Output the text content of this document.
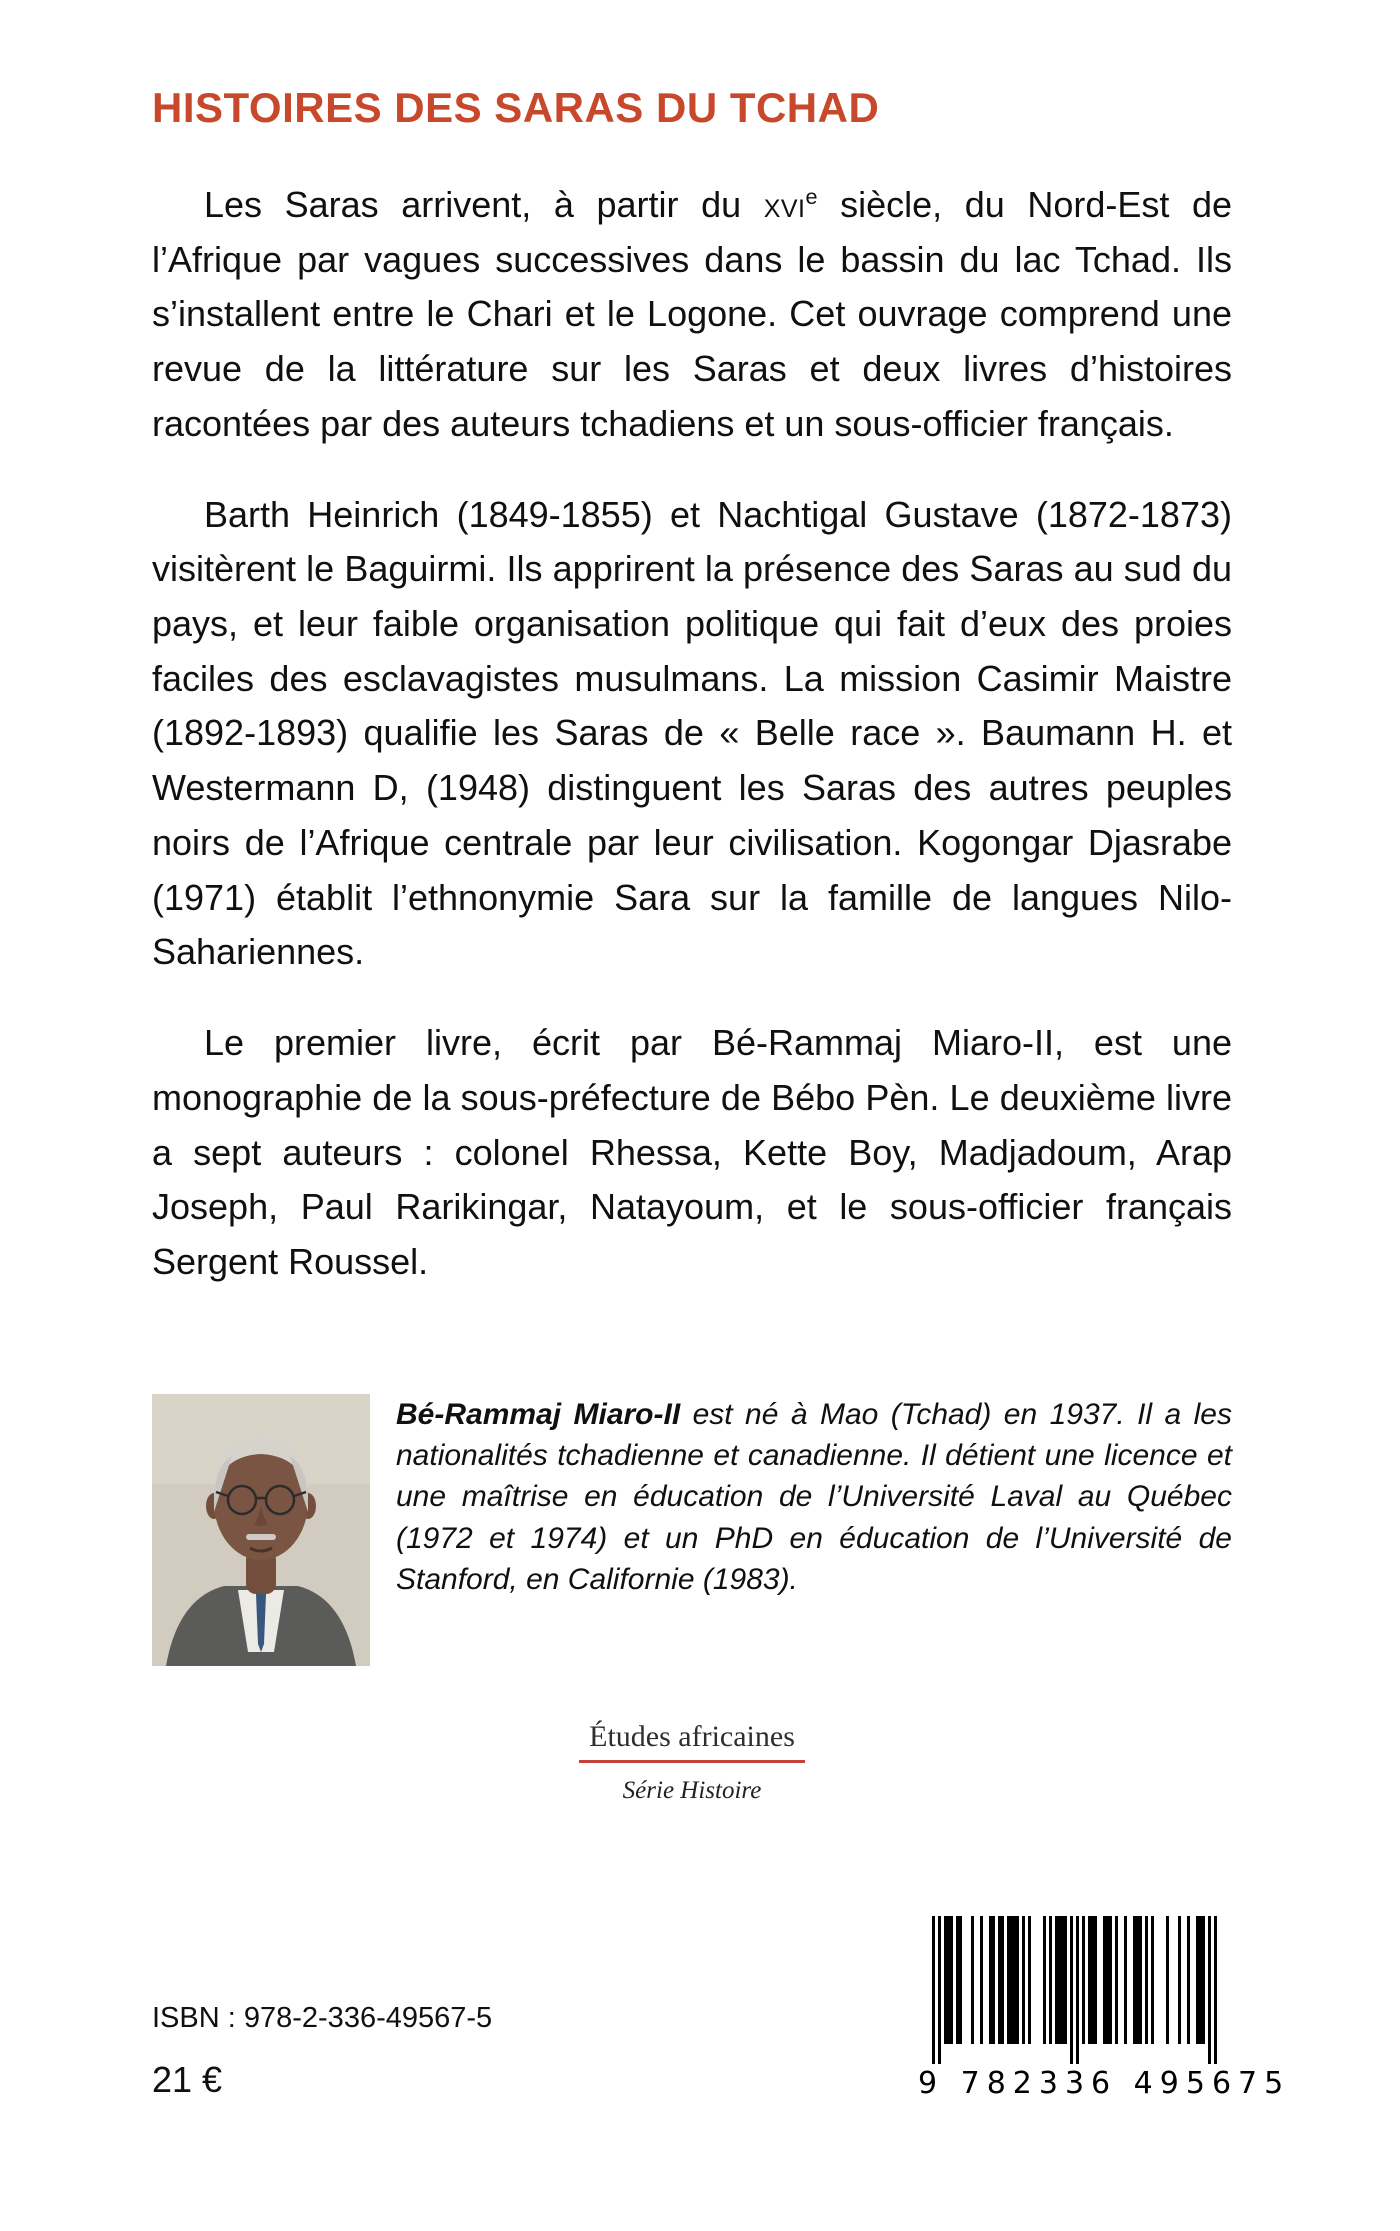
HISTOIRES DES SARAS DU TCHAD

Les Saras arrivent, à partir du xvi$^e$ siècle, du Nord-Est de l’Afrique par vagues successives dans le bassin du lac Tchad. Ils s’installent entre le Chari et le Logone. Cet ouvrage comprend une revue de la littérature sur les Saras et deux livres d’histoires racontées par des auteurs tchadiens et un sous-officier français.

Barth Heinrich (1849-1855) et Nachtigal Gustave (1872-1873) visitèrent le Baguirmi. Ils apprirent la présence des Saras au sud du pays, et leur faible organisation politique qui fait d’eux des proies faciles des esclavagistes musulmans. La mission Casimir Maistre (1892-1893) qualifie les Saras de « Belle race ». Baumann H. et Westermann D, (1948) distinguent les Saras des autres peuples noirs de l’Afrique centrale par leur civilisation. Kogongar Djasrabe (1971) établit l’ethnonymie Sara sur la famille de langues Nilo-Sahariennes.

Le premier livre, écrit par Bé-Rammaj Miaro-II, est une monographie de la sous-préfecture de Bébo Pèn. Le deuxième livre a sept auteurs : colonel Rhessa, Kette Boy, Madjadoum, Arap Joseph, Paul Rarikingar, Natayoum, et le sous-officier français Sergent Roussel.

Bé-Rammaj Miaro-II est né à Mao (Tchad) en 1937. Il a les nationalités tchadienne et canadienne. Il détient une licence et une maîtrise en éducation de l’Université Laval au Québec (1972 et 1974) et un PhD en éducation de l’Université de Stanford, en Californie (1983).

Études africaines
Série Histoire
ISBN : 978-2-336-49567-5
21 €	9 782336 495675
